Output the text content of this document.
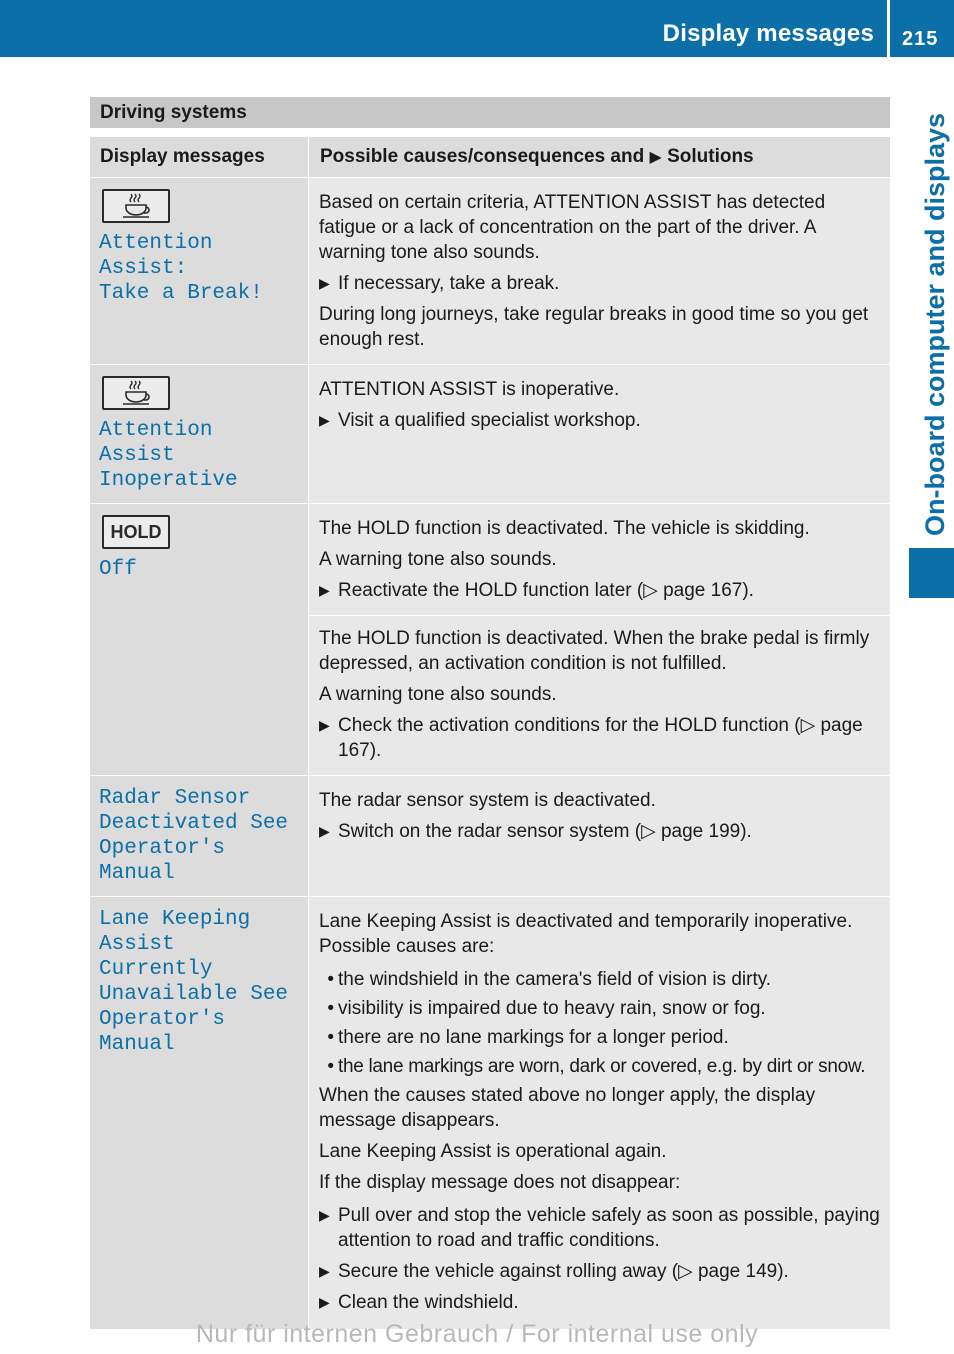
Display messages 215
On-board computer and displays
Driving systems
Display messages	Possible causes/consequences and ▶ Solutions
Attention Assist:
Take a Break!
Based on certain criteria, ATTENTION ASSIST has detected fatigue or a lack of concentration on the part of the driver. A warning tone also sounds.
▶ If necessary, take a break.
During long journeys, take regular breaks in good time so you get enough rest.
Attention Assist
Inoperative
ATTENTION ASSIST is inoperative.
▶ Visit a qualified specialist workshop.
HOLD
Off
The HOLD function is deactivated. The vehicle is skidding.
A warning tone also sounds.
▶ Reactivate the HOLD function later (▷ page 167).
The HOLD function is deactivated. When the brake pedal is firmly depressed, an activation condition is not fulfilled.
A warning tone also sounds.
▶ Check the activation conditions for the HOLD function (▷ page 167).
Radar Sensor
Deactivated See
Operator's Manual
The radar sensor system is deactivated.
▶ Switch on the radar sensor system (▷ page 199).
Lane Keeping
Assist Currently
Unavailable See
Operator's Manual
Lane Keeping Assist is deactivated and temporarily inoperative. Possible causes are:
• the windshield in the camera's field of vision is dirty.
• visibility is impaired due to heavy rain, snow or fog.
• there are no lane markings for a longer period.
• the lane markings are worn, dark or covered, e.g. by dirt or snow.
When the causes stated above no longer apply, the display message disappears.
Lane Keeping Assist is operational again.
If the display message does not disappear:
▶ Pull over and stop the vehicle safely as soon as possible, paying attention to road and traffic conditions.
▶ Secure the vehicle against rolling away (▷ page 149).
▶ Clean the windshield.
Nur für internen Gebrauch / For internal use only
